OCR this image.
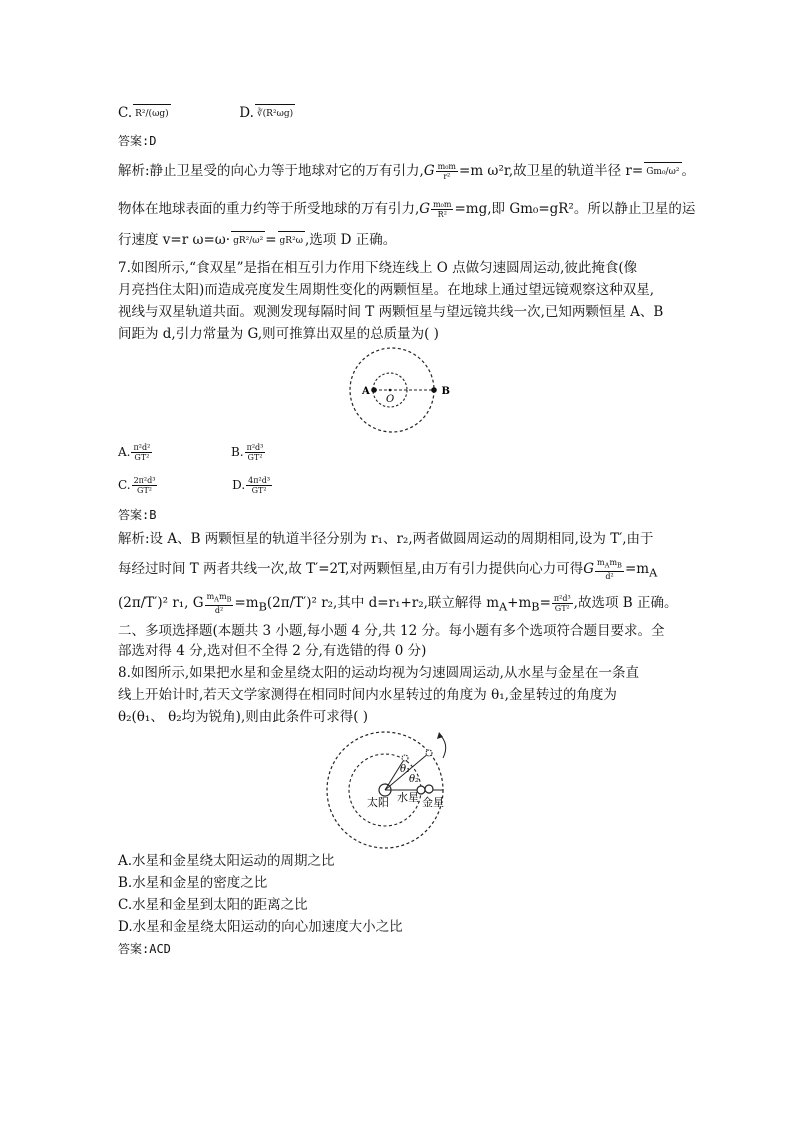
C. R²/(ωg)	D. ∛(R²ωg)
答案:D
解析:静止卫星受的向心力等于地球对它的万有引力$,G \frac{\text{m₀m}}{\text{r²}} =m$ ω²r,故卫星的轨道半径 r= Gm₀/ω² 。
物体在地球表面的重力约等于所受地球的万有引力$,G \frac{\text{m₀m}}{\text{R²}} =mg$,即 Gm₀=gR²。所以静止卫星的运
行速度 v=r ω=ω· gR²/ω² = gR²ω ,选项 D 正确。
7.如图所示,“食双星”是指在相互引力作用下绕连线上 O 点做匀速圆周运动,彼此掩食(像
月亮挡住太阳)而造成亮度发生周期性变化的两颗恒星。在地球上通过望远镜观察这种双星,
视线与双星轨道共面。观测发现每隔时间 T 两颗恒星与望远镜共线一次,已知两颗恒星 A、B
间距为 d,引力常量为 G,则可推算出双星的总质量为( )
A	B
O
A. $\frac{\text{π²d²}}{\text{GT²}}$	B. $\frac{\text{π²d³}}{\text{GT²}}$
C. $\frac{\text{2π²d³}}{\text{GT²}}$	D. $\frac{\text{4π²d³}}{\text{GT²}}$
答案:B
解析:设 A、B 两颗恒星的轨道半径分别为 r₁、r₂,两者做圆周运动的周期相同,设为 T′,由于
每经过时间 T 两者共线一次,故 T′=2T,对两颗恒星,由万有引力提供向心力可得G $\frac{m_Am_B}{\text{d²}} =m_A$
(2π/T′)² r₁, G $\frac{m_Am_B}{\text{d²}} =m_B(2\pi/T')^2$ r₂,其中 d=r₁+r₂,联立解得 $m_A+m_B= \frac{\text{π²d³}}{\text{GT²}}$ ,故选项 B 正确。
二、多项选择题(本题共 3 小题,每小题 4 分,共 12 分。每小题有多个选项符合题目要求。全
部选对得 4 分,选对但不全得 2 分,有选错的得 0 分)
8.如图所示,如果把水星和金星绕太阳的运动均视为匀速圆周运动,从水星与金星在一条直
线上开始计时,若天文学家测得在相同时间内水星转过的角度为 θ₁,金星转过的角度为
θ₂(θ₁、 θ₂均为锐角),则由此条件可求得( )
θ₁
θ₂
太阳 水星 金星
A.水星和金星绕太阳运动的周期之比
B.水星和金星的密度之比
C.水星和金星到太阳的距离之比
D.水星和金星绕太阳运动的向心加速度大小之比
答案:ACD
